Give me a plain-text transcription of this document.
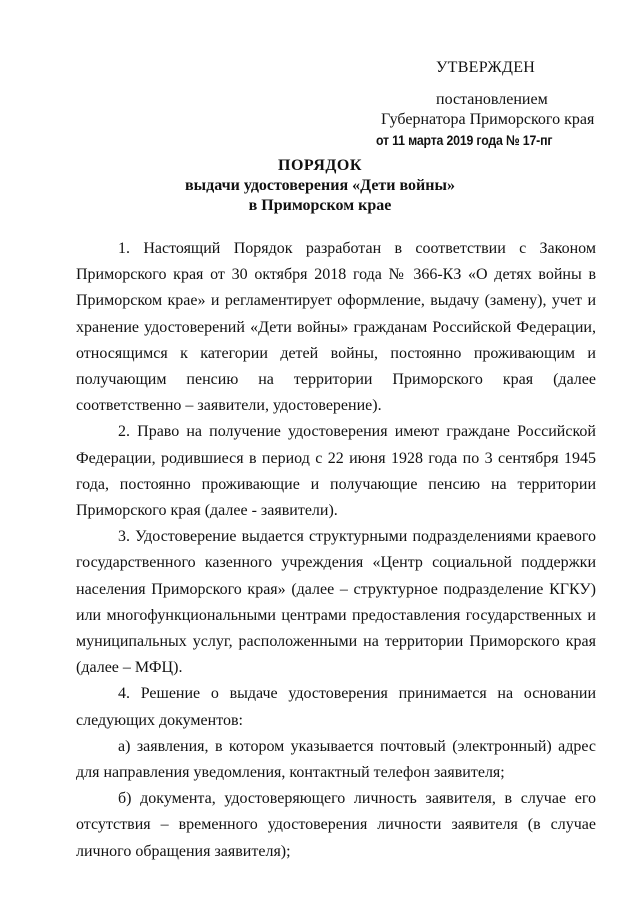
УТВЕРЖДЕН
постановлением
Губернатора Приморского края
от 11 марта 2019 года № 17-пг
ПОРЯДОК
выдачи удостоверения «Дети войны»
в Приморском крае

1. Настоящий Порядок разработан в соответствии с Законом Приморского края от 30 октября 2018 года № 366-КЗ «О детях войны в Приморском крае» и регламентирует оформление, выдачу (замену), учет и хранение удостоверений «Дети войны» гражданам Российской Федерации, относящимся к категории детей войны, постоянно проживающим и получающим пенсию на территории Приморского края (далее соответственно – заявители, удостоверение).

2. Право на получение удостоверения имеют граждане Российской Федерации, родившиеся в период с 22 июня 1928 года по 3 сентября 1945 года, постоянно проживающие и получающие пенсию на территории Приморского края (далее - заявители).

3. Удостоверение выдается структурными подразделениями краевого государственного казенного учреждения «Центр социальной поддержки населения Приморского края» (далее – структурное подразделение КГКУ) или многофункциональными центрами предоставления государственных и муниципальных услуг, расположенными на территории Приморского края (далее – МФЦ).

4. Решение о выдаче удостоверения принимается на основании следующих документов:

а) заявления, в котором указывается почтовый (электронный) адрес для направления уведомления, контактный телефон заявителя;

б) документа, удостоверяющего личность заявителя, в случае его отсутствия – временного удостоверения личности заявителя (в случае личного обращения заявителя);
